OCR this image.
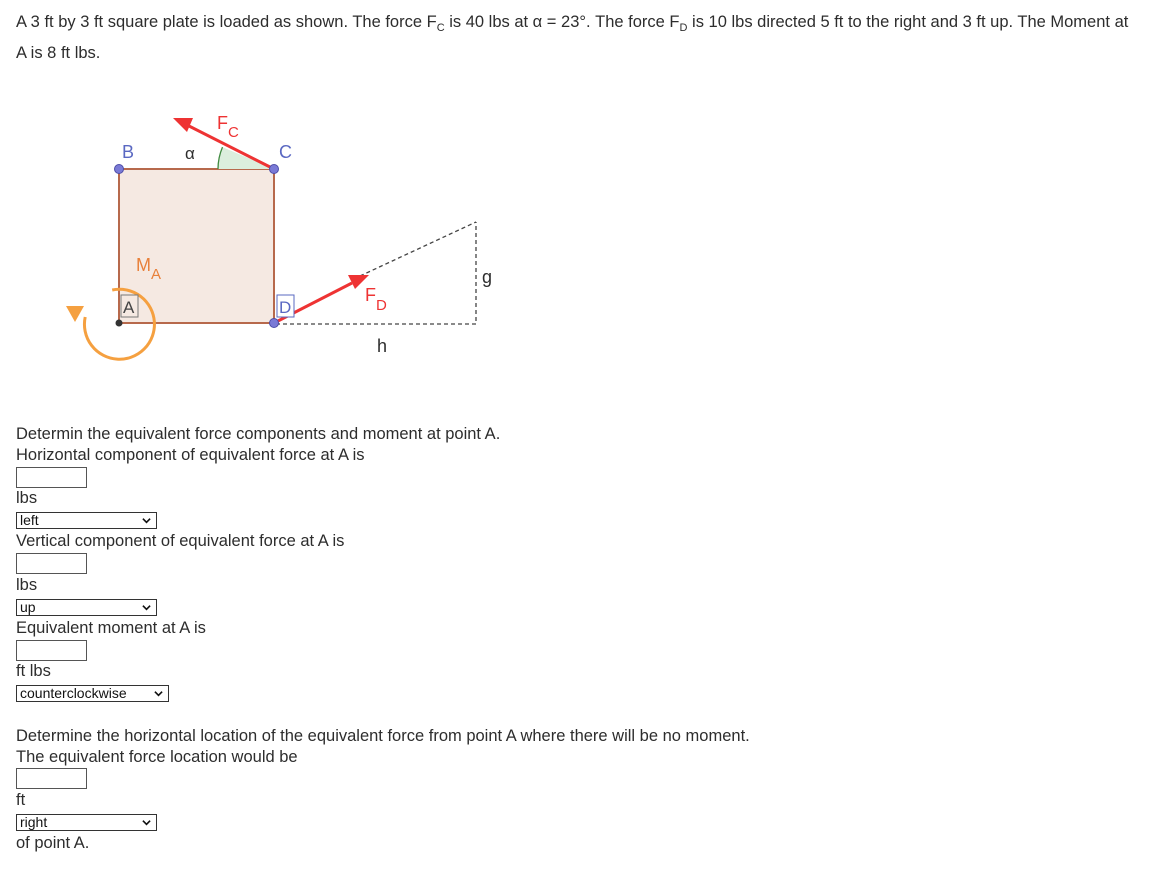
A 3 ft by 3 ft square plate is loaded as shown. The force $F_C$ is 40 lbs at α = 23°. The force $F_D$ is 10 lbs directed 5 ft to the right and 3 ft up. The Moment at A is 8 ft lbs.
B	C
α
$F_C$
$M_A$
$F_D$
g
h
A	D
Determin the equivalent force components and moment at point A.
Horizontal component of equivalent force at A is
lbs
left
Vertical component of equivalent force at A is
lbs
up
Equivalent moment at A is
ft lbs
counterclockwise
Determine the horizontal location of the equivalent force from point A where there will be no moment.
The equivalent force location would be
ft
right
of point A.
